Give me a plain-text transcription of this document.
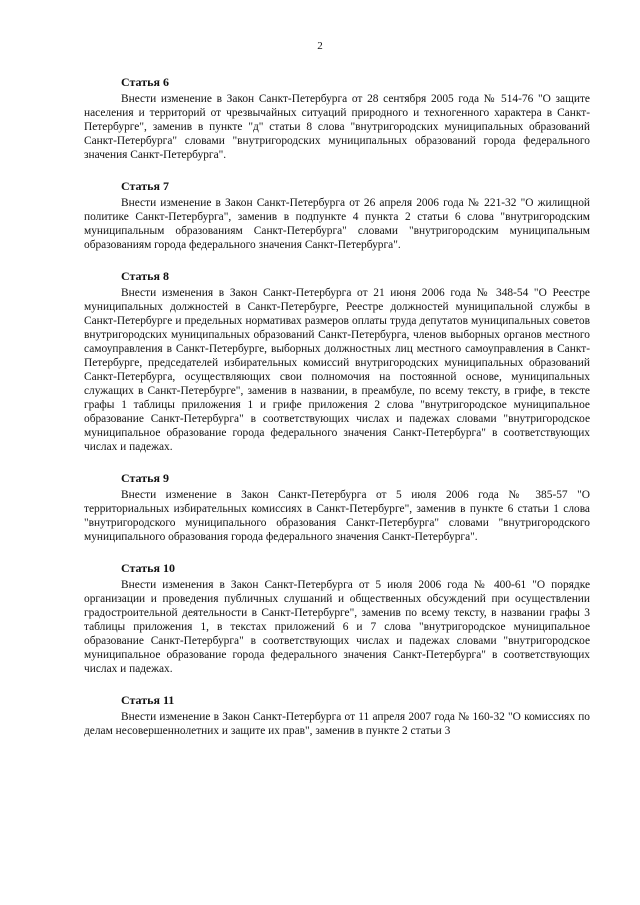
2

Статья 6

Внести изменение в Закон Санкт-Петербурга от 28 сентября 2005 года № 514-76 "О защите населения и территорий от чрезвычайных ситуаций природного и техногенного характера в Санкт-Петербурге", заменив в пункте "д" статьи 8 слова "внутригородских муниципальных образований Санкт-Петербурга" словами "внутригородских муниципальных образований города федерального значения Санкт-Петербурга".

Статья 7

Внести изменение в Закон Санкт-Петербурга от 26 апреля 2006 года № 221-32 "О жилищной политике Санкт-Петербурга", заменив в подпункте 4 пункта 2 статьи 6 слова "внутригородским муниципальным образованиям Санкт-Петербурга" словами "внутригородским муниципальным образованиям города федерального значения Санкт-Петербурга".

Статья 8

Внести изменения в Закон Санкт-Петербурга от 21 июня 2006 года № 348-54 "О Реестре муниципальных должностей в Санкт-Петербурге, Реестре должностей муниципальной службы в Санкт-Петербурге и предельных нормативах размеров оплаты труда депутатов муниципальных советов внутригородских муниципальных образований Санкт-Петербурга, членов выборных органов местного самоуправления в Санкт-Петербурге, выборных должностных лиц местного самоуправления в Санкт-Петербурге, председателей избирательных комиссий внутригородских муниципальных образований Санкт-Петербурга, осуществляющих свои полномочия на постоянной основе, муниципальных служащих в Санкт-Петербурге", заменив в названии, в преамбуле, по всему тексту, в грифе, в тексте графы 1 таблицы приложения 1 и грифе приложения 2 слова "внутригородское муниципальное образование Санкт-Петербурга" в соответствующих числах и падежах словами "внутригородское муниципальное образование города федерального значения Санкт-Петербурга" в соответствующих числах и падежах.

Статья 9

Внести изменение в Закон Санкт-Петербурга от 5 июля 2006 года № 385-57 "О территориальных избирательных комиссиях в Санкт-Петербурге", заменив в пункте 6 статьи 1 слова "внутригородского муниципального образования Санкт-Петербурга" словами "внутригородского муниципального образования города федерального значения Санкт-Петербурга".

Статья 10

Внести изменения в Закон Санкт-Петербурга от 5 июля 2006 года № 400-61 "О порядке организации и проведения публичных слушаний и общественных обсуждений при осуществлении градостроительной деятельности в Санкт-Петербурге", заменив по всему тексту, в названии графы 3 таблицы приложения 1, в текстах приложений 6 и 7 слова "внутригородское муниципальное образование Санкт-Петербурга" в соответствующих числах и падежах словами "внутригородское муниципальное образование города федерального значения Санкт-Петербурга" в соответствующих числах и падежах.

Статья 11

Внести изменение в Закон Санкт-Петербурга от 11 апреля 2007 года № 160-32 "О комиссиях по делам несовершеннолетних и защите их прав", заменив в пункте 2 статьи 3
